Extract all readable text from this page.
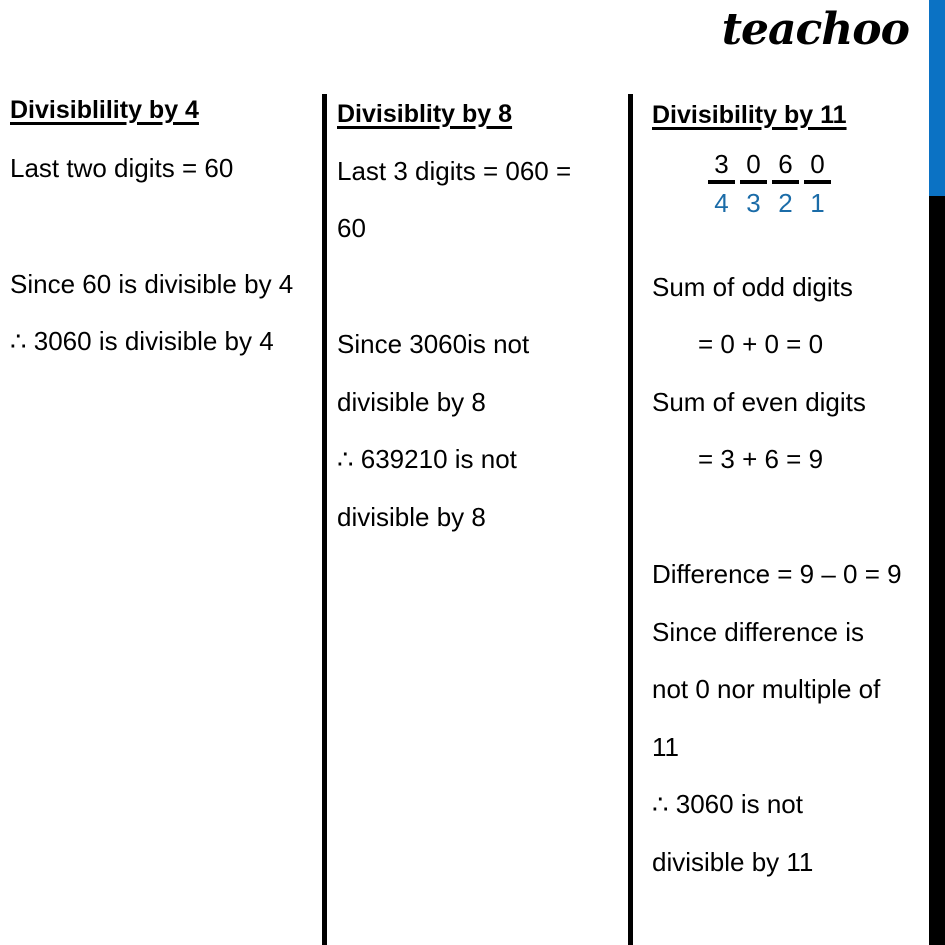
teachoo
Divisiblility by 4
Last two digits = 60
Since 60 is divisible by 4
∴ 3060 is divisible by 4
Divisiblity by 8
Last 3 digits = 060 =
60
Since 3060is not
divisible by 8
∴ 639210 is not
divisible by 8
Divisibility by 11
3 0 6 0
4 3 2 1
Sum of odd digits
= 0 + 0 = 0
Sum of even digits
= 3 + 6 = 9
Difference = 9 – 0 = 9
Since difference is
not 0 nor multiple of
11
∴ 3060 is not
divisible by 11
